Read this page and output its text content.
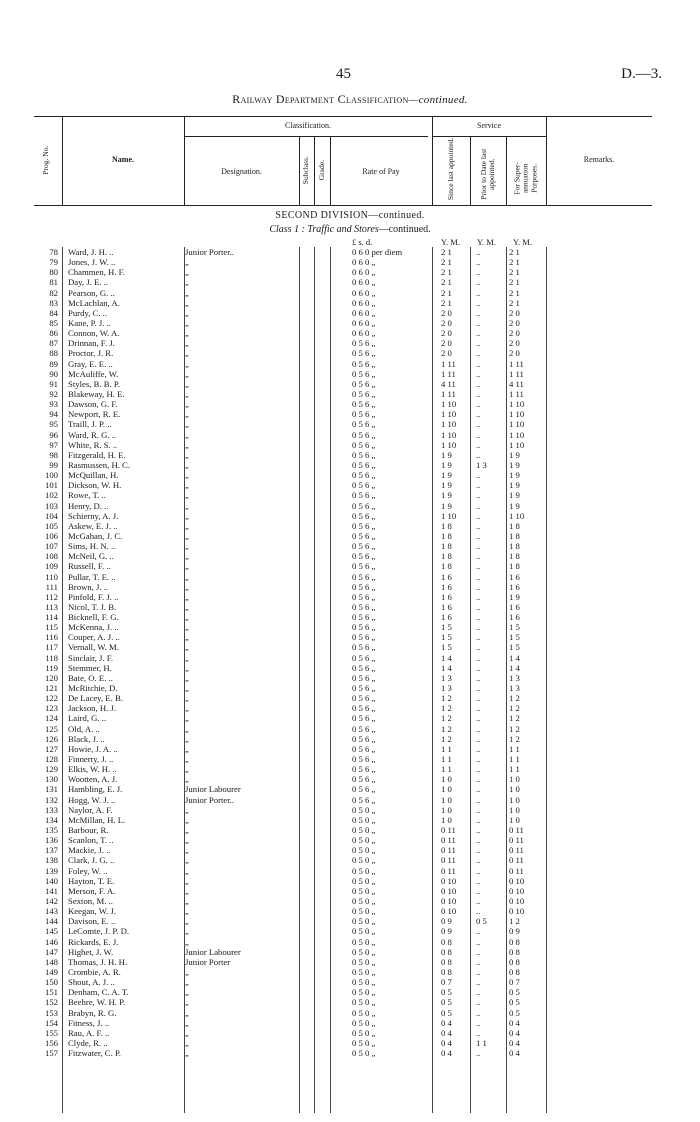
45	D.—3.
Railway Department Classification—continued.
Prog. No.	Name.
Classification.
Designation.	Subclass. Grade.	Rate of Pay
Service
Since last appointed.	Prior to Date last appointed. For Super-annuation Purposes.
Remarks.
SECOND DIVISION—continued.
Class 1 : Traffic and Stores—continued.
£ s. d.	Y. M. Y. M. Y. M.
78 Ward, J. H. ..	Junior Porter..	0 6 0 per diem	2 1	..	2 1
79 Jones, J. W. ..	„	0 6 0 „	2 1	..	2 1
80 Chammen, H. F.	„	0 6 0 „	2 1	..	2 1
81 Day, J. E. ..	„	0 6 0 „	2 1	..	2 1
82 Pearson, G. ..	„	0 6 0 „	2 1	..	2 1
83 McLachlan, A.	„	0 6 0 „	2 1	..	2 1
84 Purdy, C. ..	„	0 6 0 „	2 0	..	2 0
85 Kane, P. J. ..	„	0 6 0 „	2 0	..	2 0
86 Connon, W. A.	„	0 6 0 „	2 0	..	2 0
87 Drinnan, F. J.	„	0 5 6 „	2 0	..	2 0
88 Proctor, J. R.	„	0 5 6 „	2 0	..	2 0
89 Gray, E. E. ..	„	0 5 6 „	1 11	..	1 11
90 McAuliffe, W.	„	0 5 6 „	1 11	..	1 11
91 Styles, B. B. P.	„	0 5 6 „	4 11	..	4 11
92 Blakeway, H. E.	„	0 5 6 „	1 11	..	1 11
93 Dawson, G. F.	„	0 5 6 „	1 10	..	1 10
94 Newport, R. E.	„	0 5 6 „	1 10	..	1 10
95 Traill, J. P. ..	„	0 5 6 „	1 10	..	1 10
96 Ward, R. G. ..	„	0 5 6 „	1 10	..	1 10
97 White, R. S. ..	„	0 5 6 „	1 10	..	1 10
98 Fitzgerald, H. E.	„	0 5 6 „	1 9	..	1 9
99 Rasmussen, H. C.	„	0 5 6 „	1 9	1 3	1 9
100 McQuillan, H.	„	0 5 6 „	1 9	..	1 9
101 Dickson, W. H.	„	0 5 6 „	1 9	..	1 9
102 Rowe, T. ..	„	0 5 6 „	1 9	..	1 9
103 Henry, D. ..	„	0 5 6 „	1 9	..	1 9
104 Schierny, A. J.	„	0 5 6 „	1 10	..	1 10
105 Askew, E. J. ..	„	0 5 6 „	1 8	..	1 8
106 McGahan, J. C.	„	0 5 6 „	1 8	..	1 8
107 Sims, H. N. ..	„	0 5 6 „	1 8	..	1 8
108 McNeil, G. ..	„	0 5 6 „	1 8	..	1 8
109 Russell, F. ..	„	0 5 6 „	1 8	..	1 8
110 Pullar, T. E. ..	„	0 5 6 „	1 6	..	1 6
111 Brown, J. ..	„	0 5 6 „	1 6	..	1 6
112 Pinfold, F. J. ..	„	0 5 6 „	1 6	..	1 9
113 Nicol, T. J. B.	„	0 5 6 „	1 6	..	1 6
114 Bicknell, F. G.	„	0 5 6 „	1 6	..	1 6
115 McKenna, J. ..	„	0 5 6 „	1 5	..	1 5
116 Couper, A. J. ..	„	0 5 6 „	1 5	..	1 5
117 Vernall, W. M.	„	0 5 6 „	1 5	..	1 5
118 Sinclair, J. F.	„	0 5 6 „	1 4	..	1 4
119 Stemmer, H.	„	0 5 6 „	1 4	..	1 4
120 Bate, O. E. ..	„	0 5 6 „	1 3	..	1 3
121 McRitchie, D.	„	0 5 6 „	1 3	..	1 3
122 De Lacey, E. B.	„	0 5 6 „	1 2	..	1 2
123 Jackson, H. J.	„	0 5 6 „	1 2	..	1 2
124 Laird, G. ..	„	0 5 6 „	1 2	..	1 2
125 Old, A. ..	„	0 5 6 „	1 2	..	1 2
126 Black, J. ..	„	0 5 6 „	1 2	..	1 2
127 Howie, J. A. ..	„	0 5 6 „	1 1	..	1 1
128 Finnerty, J. ..	„	0 5 6 „	1 1	..	1 1
129 Elkis, W. H. ..	„	0 5 6 „	1 1	..	1 1
130 Wootten, A. J.	„	0 5 6 „	1 0	..	1 0
131 Hambling, E. J.	Junior Labourer	0 5 6 „	1 0	..	1 0
132 Hogg, W. J. ..	Junior Porter..	0 5 6 „	1 0	..	1 0
133 Naylor, A. F.	„	0 5 0 „	1 0	..	1 0
134 McMillan, H. L.	„	0 5 0 „	1 0	..	1 0
135 Barbour, R.	„	0 5 0 „	0 11	..	0 11
136 Scanlon, T. ..	„	0 5 0 „	0 11	..	0 11
137 Mackie, J. ..	„	0 5 0 „	0 11	..	0 11
138 Clark, J. G. ..	„	0 5 0 „	0 11	..	0 11
139 Foley, W. ..	„	0 5 0 „	0 11	..	0 11
140 Hayton, T. E.	„	0 5 0 „	0 10	..	0 10
141 Merson, F. A.	„	0 5 0 „	0 10	..	0 10
142 Sexton, M. ..	„	0 5 0 „	0 10	..	0 10
143 Keegan, W. J.	„	0 5 0 „	0 10	..	0 10
144 Davison, E. ..	„	0 5 0 „	0 9	0 5	1 2
145 LeComte, J. P. D.	„	0 5 0 „	0 9	..	0 9
146 Rickards, E. J.	„	0 5 0 „	0 8	..	0 8
147 Highet, J. W.	Junior Labourer	0 5 0 „	0 8	..	0 8
148 Thomas, J. H. H.	Junior Porter	0 5 0 „	0 8	..	0 8
149 Crombie, A. R.	„	0 5 0 „	0 8	..	0 8
150 Shout, A. J. ..	„	0 5 0 „	0 7	..	0 7
151 Denham, C. A. T.	„	0 5 0 „	0 5	..	0 5
152 Beehre, W. H. P.	„	0 5 0 „	0 5	..	0 5
153 Brabyn, R. G.	„	0 5 0 „	0 5	..	0 5
154 Fitness, J. ..	„	0 5 0 „	0 4	..	0 4
155 Rau, A. F. ..	„	0 5 0 „	0 4	..	0 4
156 Clyde, R. ..	„	0 5 0 „	0 4	1 1	0 4
157 Fitzwater, C. P.	„	0 5 0 „	0 4	..	0 4
